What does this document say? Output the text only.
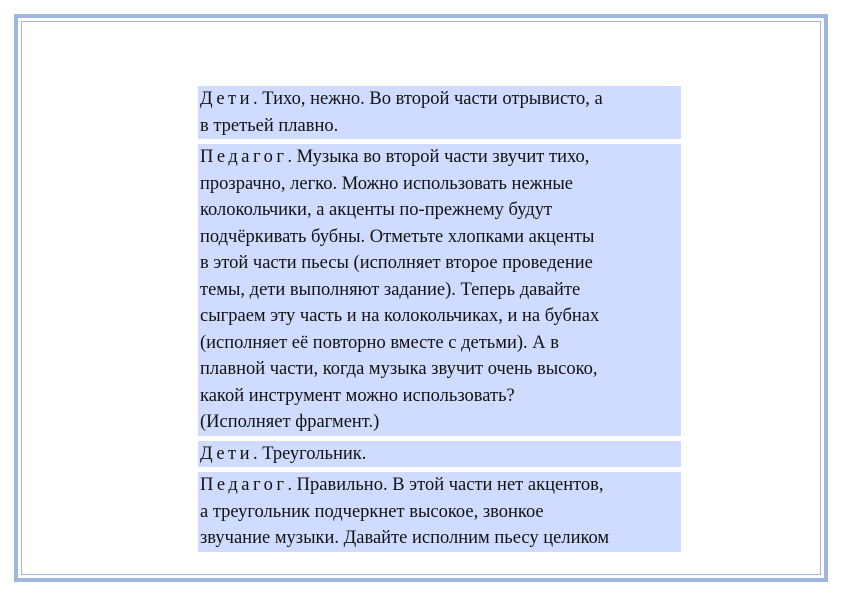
Дети. Тихо, нежно. Во второй части отрывисто, а
в третьей плавно.
Педагог. Музыка во второй части звучит тихо,
прозрачно, легко. Можно использовать нежные
колокольчики, а акценты по-прежнему будут
подчёркивать бубны. Отметьте хлопками акценты
в этой части пьесы (исполняет второе проведение
темы, дети выполняют задание). Теперь давайте
сыграем эту часть и на колокольчиках, и на бубнах
(исполняет её повторно вместе с детьми). А в
плавной части, когда музыка звучит очень высоко,
какой инструмент можно использовать?
(Исполняет фрагмент.)
Дети. Треугольник.
Педагог. Правильно. В этой части нет акцентов,
а треугольник подчеркнет высокое, звонкое
звучание музыки. Давайте исполним пьесу целиком
